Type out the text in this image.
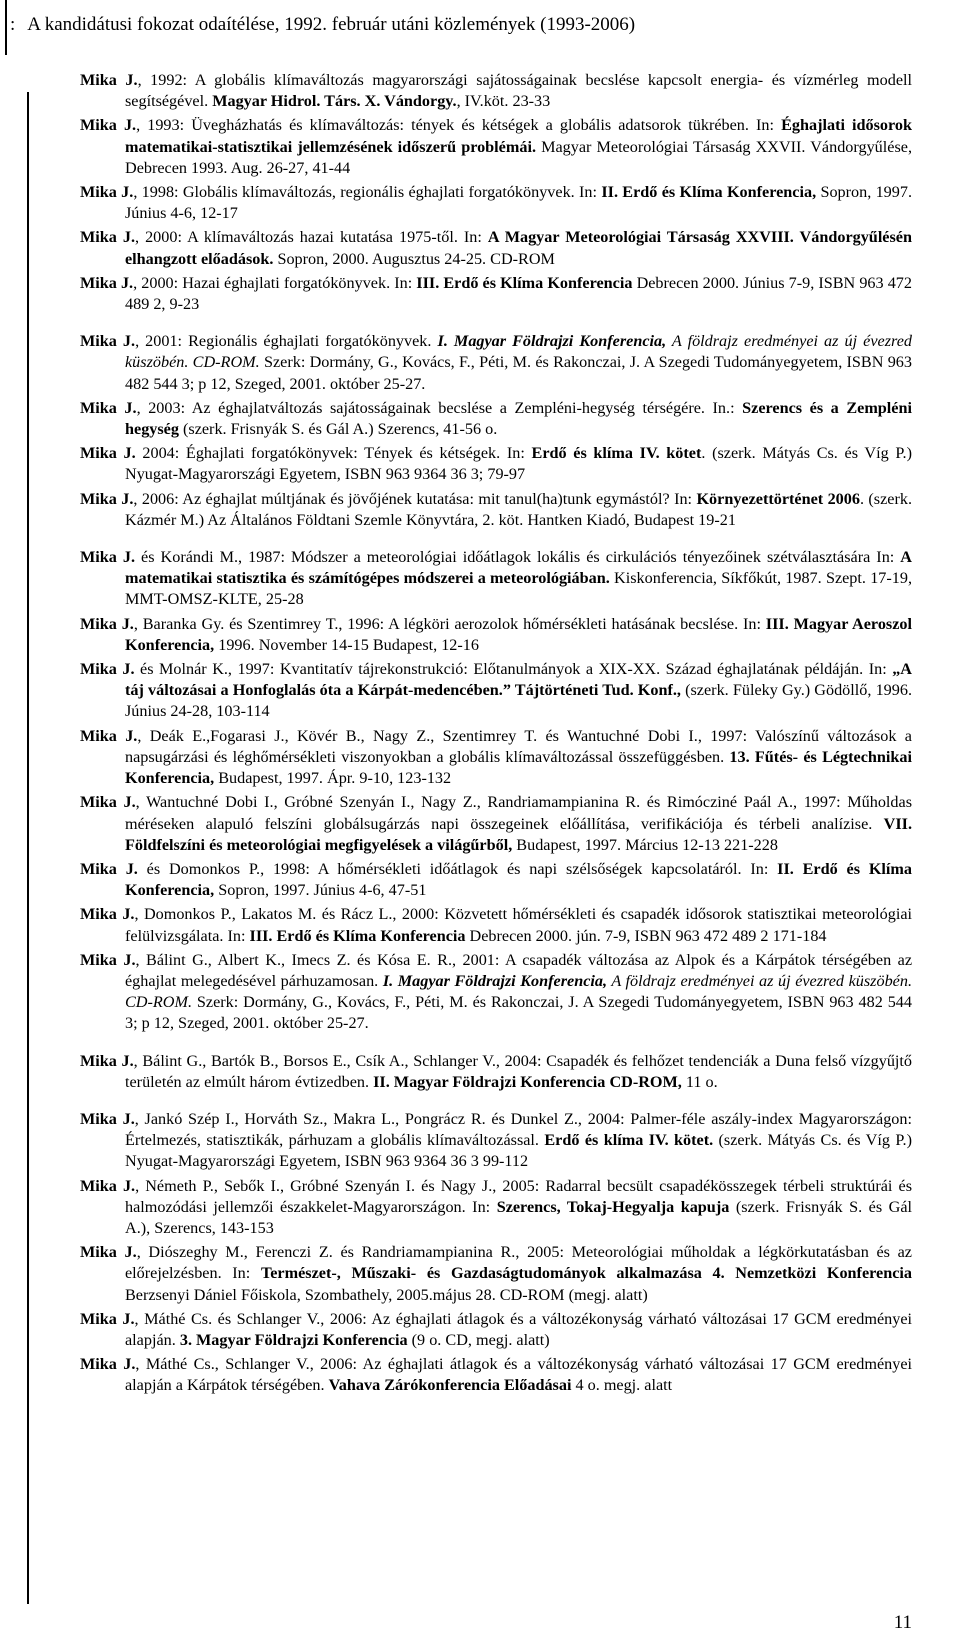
: A kandidátusi fokozat odaítélése, 1992. február utáni közlemények (1993-2006)

Mika J., 1992: A globális klímaváltozás magyarországi sajátosságainak becslése kapcsolt energia- és vízmérleg modell segítségével. Magyar Hidrol. Társ. X. Vándorgy., IV.köt. 23-33

Mika J., 1993: Üvegházhatás és klímaváltozás: tények és kétségek a globális adatsorok tükrében. In: Éghajlati idősorok matematikai-statisztikai jellemzésének időszerű problémái. Magyar Meteorológiai Társaság XXVII. Vándorgyűlése, Debrecen 1993. Aug. 26-27, 41-44

Mika J., 1998: Globális klímaváltozás, regionális éghajlati forgatókönyvek. In: II. Erdő és Klíma Konferencia, Sopron, 1997. Június 4-6, 12-17

Mika J., 2000: A klímaváltozás hazai kutatása 1975-től. In: A Magyar Meteorológiai Társaság XXVIII. Vándorgyűlésén elhangzott előadások. Sopron, 2000. Augusztus 24-25. CD-ROM

Mika J., 2000: Hazai éghajlati forgatókönyvek. In: III. Erdő és Klíma Konferencia Debrecen 2000. Június 7-9, ISBN 963 472 489 2, 9-23

Mika J., 2001: Regionális éghajlati forgatókönyvek. I. Magyar Földrajzi Konferencia, A földrajz eredményei az új évezred küszöbén. CD-ROM. Szerk: Dormány, G., Kovács, F., Péti, M. és Rakonczai, J. A Szegedi Tudományegyetem, ISBN 963 482 544 3; p 12, Szeged, 2001. október 25-27.

Mika J., 2003: Az éghajlatváltozás sajátosságainak becslése a Zempléni-hegység térségére. In.: Szerencs és a Zempléni hegység (szerk. Frisnyák S. és Gál A.) Szerencs, 41-56 o.

Mika J. 2004: Éghajlati forgatókönyvek: Tények és kétségek. In: Erdő és klíma IV. kötet. (szerk. Mátyás Cs. és Víg P.) Nyugat-Magyarországi Egyetem, ISBN 963 9364 36 3; 79-97

Mika J., 2006: Az éghajlat múltjának és jövőjének kutatása: mit tanul(ha)tunk egymástól? In: Környezettörténet 2006. (szerk. Kázmér M.) Az Általános Földtani Szemle Könyvtára, 2. köt. Hantken Kiadó, Budapest 19-21

Mika J. és Korándi M., 1987: Módszer a meteorológiai időátlagok lokális és cirkulációs tényezőinek szétválasztására In: A matematikai statisztika és számítógépes módszerei a meteorológiában. Kiskonferencia, Síkfőkút, 1987. Szept. 17-19, MMT-OMSZ-KLTE, 25-28

Mika J., Baranka Gy. és Szentimrey T., 1996: A légköri aerozolok hőmérsékleti hatásának becslése. In: III. Magyar Aeroszol Konferencia, 1996. November 14-15 Budapest, 12-16

Mika J. és Molnár K., 1997: Kvantitatív tájrekonstrukció: Előtanulmányok a XIX-XX. Század éghajlatának példáján. In: „A táj változásai a Honfoglalás óta a Kárpát-medencében.” Tájtörténeti Tud. Konf., (szerk. Füleky Gy.) Gödöllő, 1996. Június 24-28, 103-114

Mika J., Deák E.,Fogarasi J., Kövér B., Nagy Z., Szentimrey T. és Wantuchné Dobi I., 1997: Valószínű változások a napsugárzási és léghőmérsékleti viszonyokban a globális klímaváltozással összefüggésben. 13. Fűtés- és Légtechnikai Konferencia, Budapest, 1997. Ápr. 9-10, 123-132

Mika J., Wantuchné Dobi I., Gróbné Szenyán I., Nagy Z., Randriamampianina R. és Rimócziné Paál A., 1997: Műholdas méréseken alapuló felszíni globálsugárzás napi összegeinek előállítása, verifikációja és térbeli analízise. VII. Földfelszíni és meteorológiai megfigyelések a világűrből, Budapest, 1997. Március 12-13 221-228

Mika J. és Domonkos P., 1998: A hőmérsékleti időátlagok és napi szélsőségek kapcsolatáról. In: II. Erdő és Klíma Konferencia, Sopron, 1997. Június 4-6, 47-51

Mika J., Domonkos P., Lakatos M. és Rácz L., 2000: Közvetett hőmérsékleti és csapadék idősorok statisztikai meteorológiai felülvizsgálata. In: III. Erdő és Klíma Konferencia Debrecen 2000. jún. 7-9, ISBN 963 472 489 2 171-184

Mika J., Bálint G., Albert K., Imecs Z. és Kósa E. R., 2001: A csapadék változása az Alpok és a Kárpátok térségében az éghajlat melegedésével párhuzamosan. I. Magyar Földrajzi Konferencia, A földrajz eredményei az új évezred küszöbén. CD-ROM. Szerk: Dormány, G., Kovács, F., Péti, M. és Rakonczai, J. A Szegedi Tudományegyetem, ISBN 963 482 544 3; p 12, Szeged, 2001. október 25-27.

Mika J., Bálint G., Bartók B., Borsos E., Csík A., Schlanger V., 2004: Csapadék és felhőzet tendenciák a Duna felső vízgyűjtő területén az elmúlt három évtizedben. II. Magyar Földrajzi Konferencia CD-ROM, 11 o.

Mika J., Jankó Szép I., Horváth Sz., Makra L., Pongrácz R. és Dunkel Z., 2004: Palmer-féle aszály-index Magyarországon: Értelmezés, statisztikák, párhuzam a globális klímaváltozással. Erdő és klíma IV. kötet. (szerk. Mátyás Cs. és Víg P.) Nyugat-Magyarországi Egyetem, ISBN 963 9364 36 3 99-112

Mika J., Németh P., Sebők I., Gróbné Szenyán I. és Nagy J., 2005: Radarral becsült csapadékösszegek térbeli struktúrái és halmozódási jellemzői északkelet-Magyarországon. In: Szerencs, Tokaj-Hegyalja kapuja (szerk. Frisnyák S. és Gál A.), Szerencs, 143-153

Mika J., Diószeghy M., Ferenczi Z. és Randriamampianina R., 2005: Meteorológiai műholdak a légkörkutatásban és az előrejelzésben. In: Természet-, Műszaki- és Gazdaságtudományok alkalmazása 4. Nemzetközi Konferencia Berzsenyi Dániel Főiskola, Szombathely, 2005.május 28. CD-ROM (megj. alatt)

Mika J., Máthé Cs. és Schlanger V., 2006: Az éghajlati átlagok és a változékonyság várható változásai 17 GCM eredményei alapján. 3. Magyar Földrajzi Konferencia (9 o. CD, megj. alatt)

Mika J., Máthé Cs., Schlanger V., 2006: Az éghajlati átlagok és a változékonyság várható változásai 17 GCM eredményei alapján a Kárpátok térségében. Vahava Zárókonferencia Előadásai 4 o. megj. alatt

11
